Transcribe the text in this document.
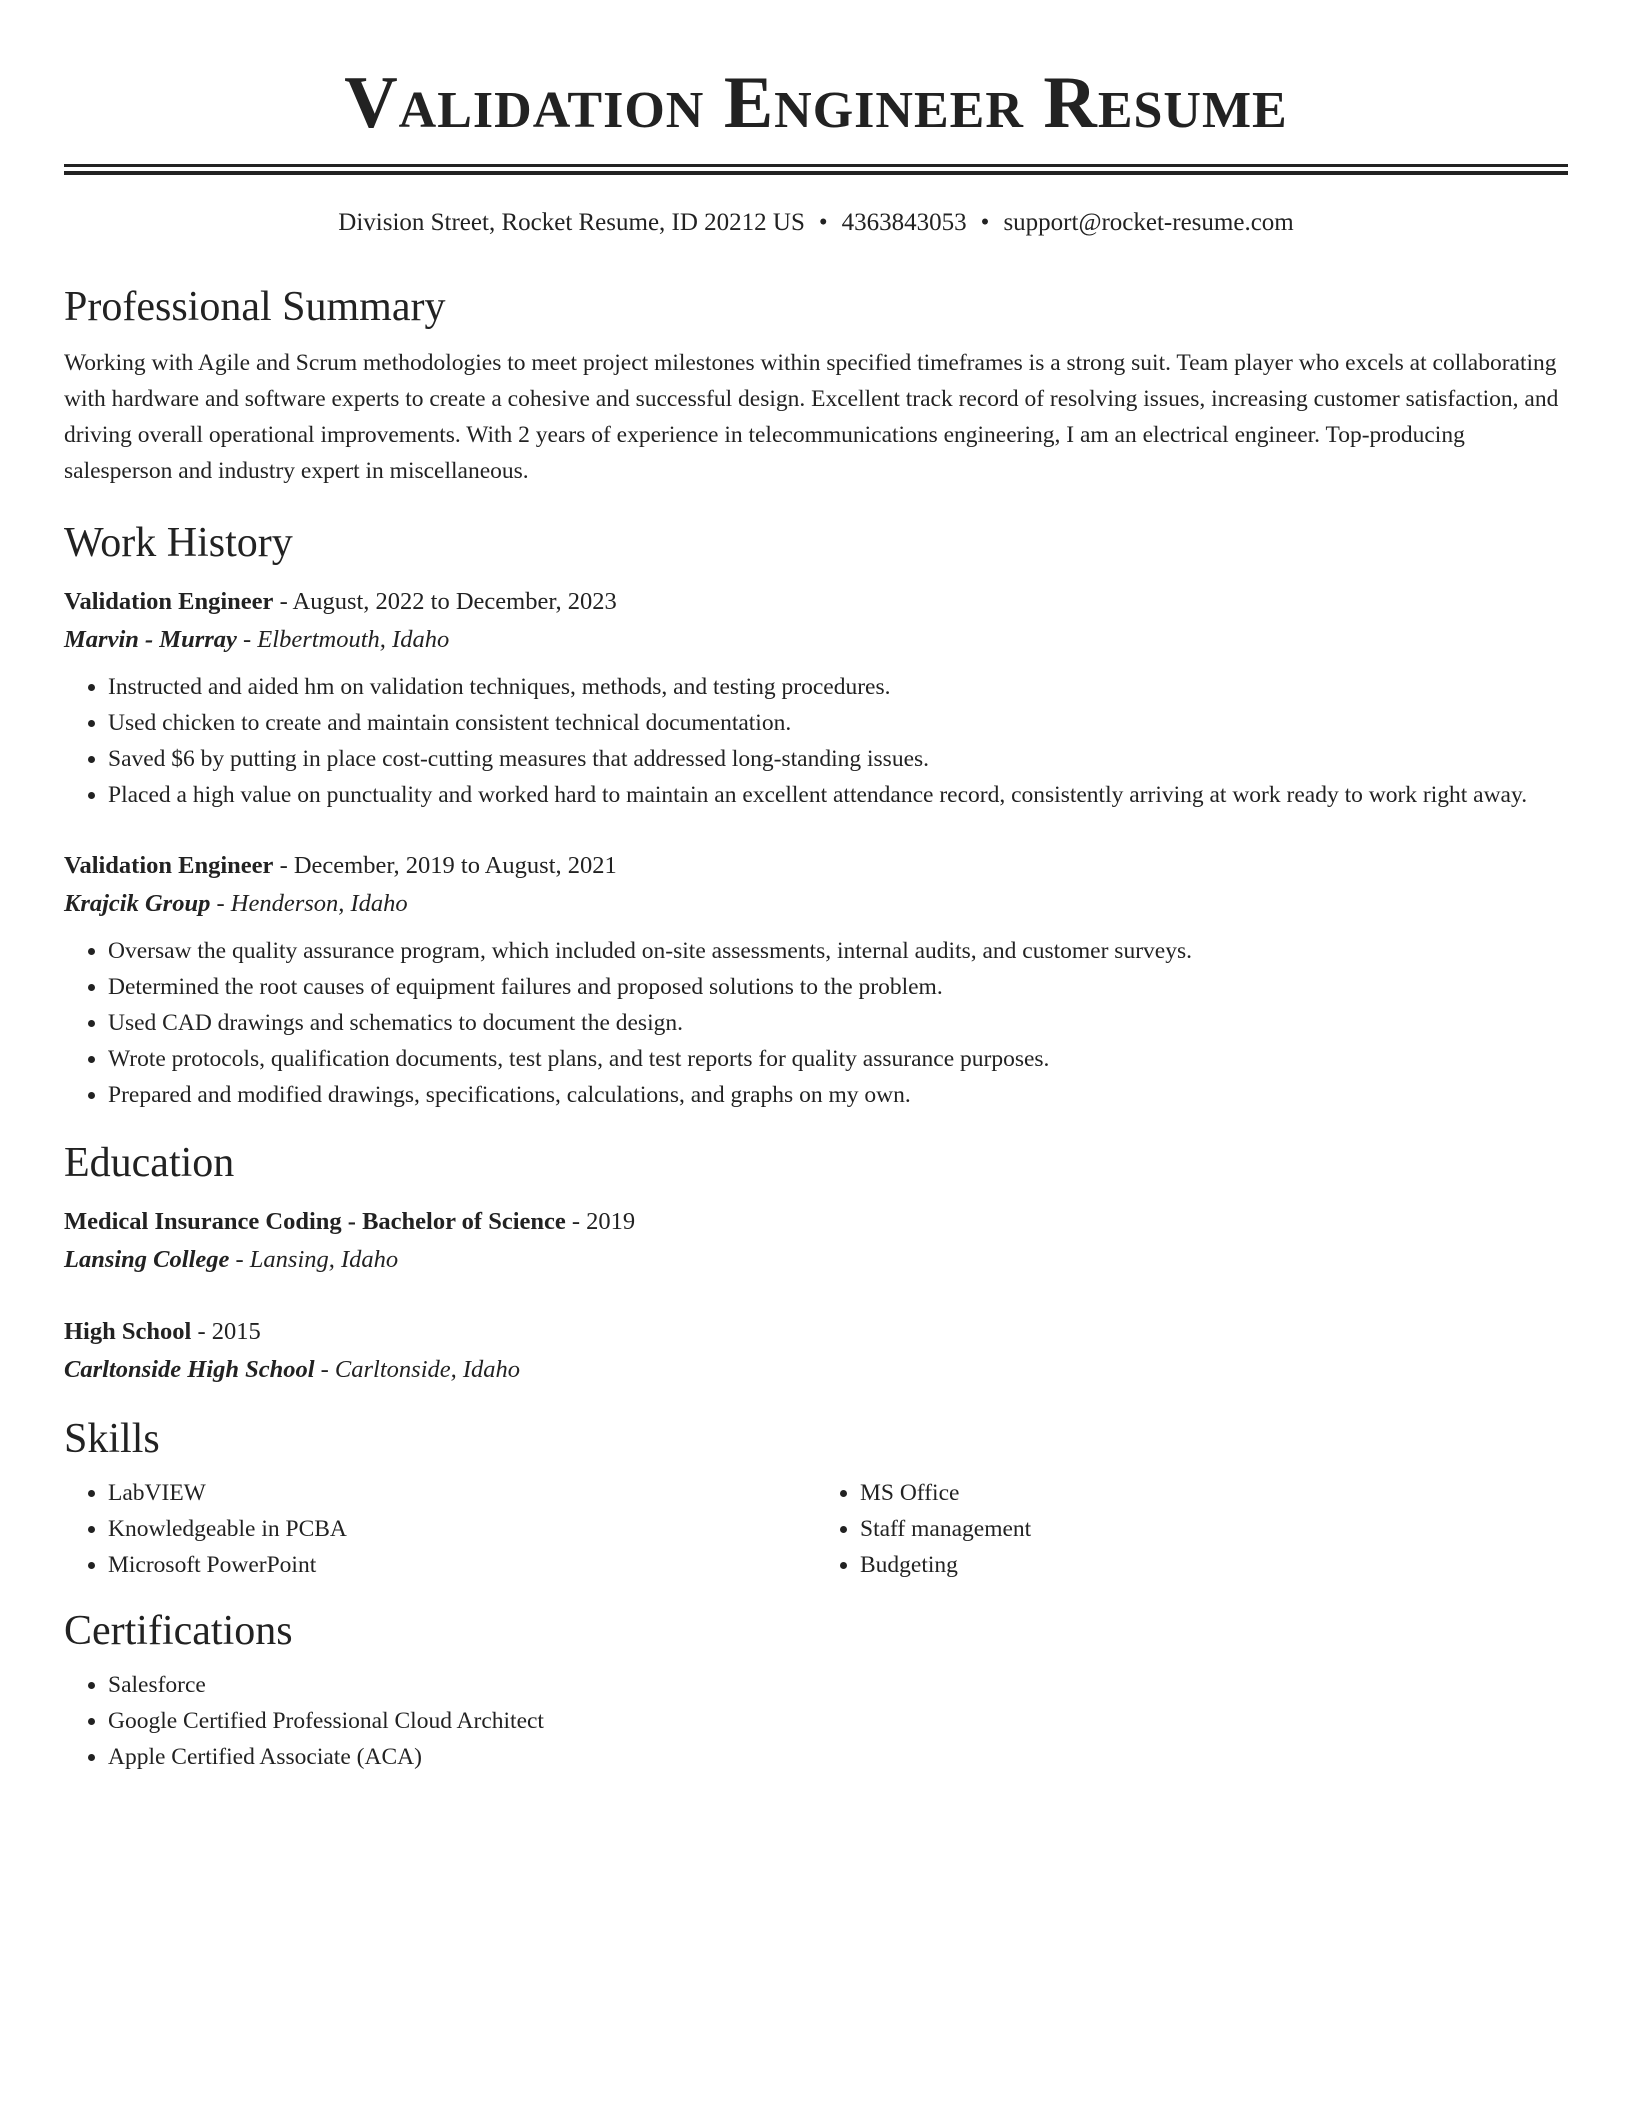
Validation Engineer Resume
Division Street, Rocket Resume, ID 20212 US • 4363843053 • support@rocket-resume.com
Professional Summary

Working with Agile and Scrum methodologies to meet project milestones within specified timeframes is a strong suit. Team player who excels at collaborating with hardware and software experts to create a cohesive and successful design. Excellent track record of resolving issues, increasing customer satisfaction, and driving overall operational improvements. With 2 years of experience in telecommunications engineering, I am an electrical engineer. Top-producing salesperson and industry expert in miscellaneous.

Work History
Validation Engineer - August, 2022 to December, 2023
Marvin - Murray - Elbertmouth, Idaho
• Instructed and aided hm on validation techniques, methods, and testing procedures.
• Used chicken to create and maintain consistent technical documentation.
• Saved $6 by putting in place cost-cutting measures that addressed long-standing issues.
• Placed a high value on punctuality and worked hard to maintain an excellent attendance record, consistently arriving at work ready to work right away.
Validation Engineer - December, 2019 to August, 2021
Krajcik Group - Henderson, Idaho
• Oversaw the quality assurance program, which included on-site assessments, internal audits, and customer surveys.
• Determined the root causes of equipment failures and proposed solutions to the problem.
• Used CAD drawings and schematics to document the design.
• Wrote protocols, qualification documents, test plans, and test reports for quality assurance purposes.
• Prepared and modified drawings, specifications, calculations, and graphs on my own.
Education
Medical Insurance Coding - Bachelor of Science - 2019
Lansing College - Lansing, Idaho
High School - 2015
Carltonside High School - Carltonside, Idaho
Skills
• LabVIEW
• Knowledgeable in PCBA
• Microsoft PowerPoint
• MS Office
• Staff management
• Budgeting
Certifications
• Salesforce
• Google Certified Professional Cloud Architect
• Apple Certified Associate (ACA)
